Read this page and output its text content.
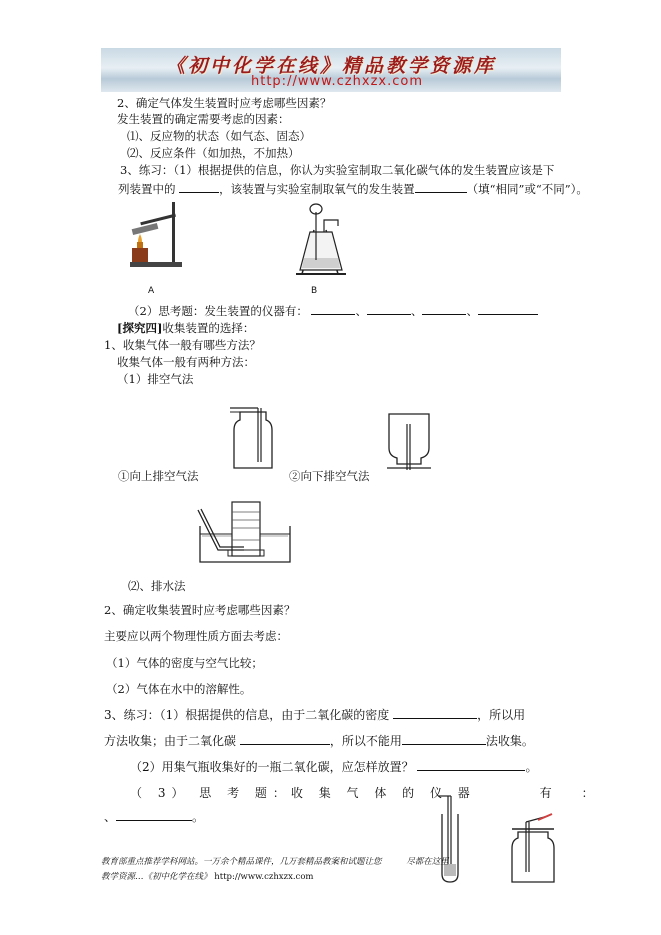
《初中化学在线》精品教学资源库
http://www.czhxzx.com
2、确定气体发生装置时应考虑哪些因素？
发生装置的确定需要考虑的因素：
⑴、反应物的状态（如气态、固态）
⑵、反应条件（如加热，不加热）
3、练习：（1）根据提供的信息，你认为实验室制取二氧化碳气体的发生装置应该是下
列装置中的	，该装置与实验室制取氧气的发生装置	（填“相同”或“不同”）。
A	B
（2）思考题：发生装置的仪器有：	、	、	、
[探究四]收集装置的选择：
1、收集气体一般有哪些方法？
收集气体一般有两种方法：
（1）排空气法
①向上排空气法	②向下排空气法
⑵、排水法
2、确定收集装置时应考虑哪些因素？
主要应以两个物理性质方面去考虑：
（1）气体的密度与空气比较；
（2）气体在水中的溶解性。
3、练习：（1）根据提供的信息，由于二氧化碳的密度	，所以用
方法收集；由于二氧化碳	，所以不能用	法收集。
（2）用集气瓶收集好的一瓶二氧化碳，应怎样放置？	。
（ 3） 思 考 题：收 集 气 体 的 仪 器	有	：
、	。
教育部重点推荐学科网站。一万余个精品课件，几万套精品教案和试题让您	尽都在这里
教学资源…《初中化学在线》 http://www.czhxzx.com
